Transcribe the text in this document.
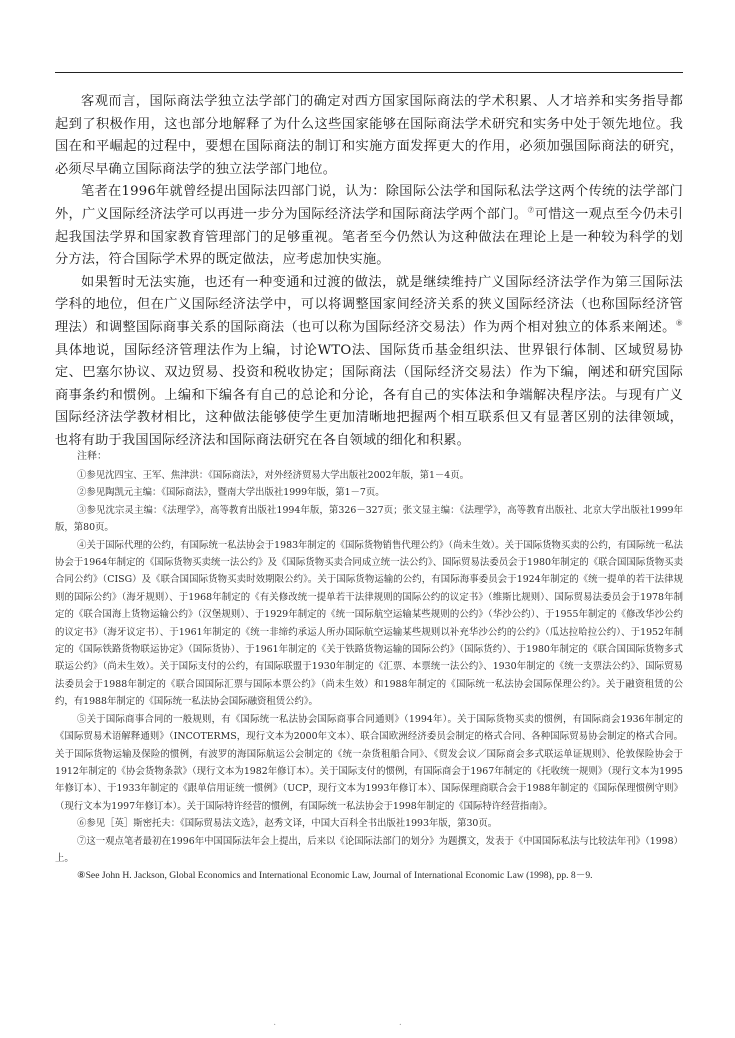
客观而言，国际商法学独立法学部门的确定对西方国家国际商法的学术积累、人才培养和实务指导都起到了积极作用，这也部分地解释了为什么这些国家能够在国际商法学术研究和实务中处于领先地位。我国在和平崛起的过程中，要想在国际商法的制订和实施方面发挥更大的作用，必须加强国际商法的研究，必须尽早确立国际商法学的独立法学部门地位。

笔者在1996年就曾经提出国际法四部门说，认为：除国际公法学和国际私法学这两个传统的法学部门外，广义国际经济法学可以再进一步分为国际经济法学和国际商法学两个部门。⑦可惜这一观点至今仍未引起我国法学界和国家教育管理部门的足够重视。笔者至今仍然认为这种做法在理论上是一种较为科学的划分方法，符合国际学术界的既定做法，应考虑加快实施。

如果暂时无法实施，也还有一种变通和过渡的做法，就是继续维持广义国际经济法学作为第三国际法学科的地位，但在广义国际经济法学中，可以将调整国家间经济关系的狭义国际经济法（也称国际经济管理法）和调整国际商事关系的国际商法（也可以称为国际经济交易法）作为两个相对独立的体系来阐述。⑧具体地说，国际经济管理法作为上编，讨论WTO法、国际货币基金组织法、世界银行体制、区域贸易协定、巴塞尔协议、双边贸易、投资和税收协定；国际商法（国际经济交易法）作为下编，阐述和研究国际商事条约和惯例。上编和下编各有自己的总论和分论，各有自己的实体法和争端解决程序法。与现有广义国际经济法学教材相比，这种做法能够使学生更加清晰地把握两个相互联系但又有显著区别的法律领域，也将有助于我国国际经济法和国际商法研究在各自领域的细化和积累。

注释：

①参见沈四宝、王军、焦津洪：《国际商法》，对外经济贸易大学出版社2002年版，第1－4页。

②参见陶凯元主编：《国际商法》，暨南大学出版社1999年版，第1－7页。

③参见沈宗灵主编：《法理学》，高等教育出版社1994年版，第326－327页；张文显主编：《法理学》，高等教育出版社、北京大学出版社1999年版，第80页。

④关于国际代理的公约，有国际统一私法协会于1983年制定的《国际货物销售代理公约》（尚未生效）。关于国际货物买卖的公约，有国际统一私法协会于1964年制定的《国际货物买卖统一法公约》及《国际货物买卖合同成立统一法公约》、国际贸易法委员会于1980年制定的《联合国国际货物买卖合同公约》（CISG）及《联合国国际货物买卖时效期限公约》。关于国际货物运输的公约，有国际海事委员会于1924年制定的《统一提单的若干法律规则的国际公约》（海牙规则）、于1968年制定的《有关修改统一提单若干法律规则的国际公约的议定书》（维斯比规则）、国际贸易法委员会于1978年制定的《联合国海上货物运输公约》（汉堡规则）、于1929年制定的《统一国际航空运输某些规则的公约》（华沙公约）、于1955年制定的《修改华沙公约的议定书》（海牙议定书）、于1961年制定的《统一非缔约承运人所办国际航空运输某些规则以补充华沙公约的公约》（瓜达拉哈拉公约）、于1952年制定的《国际铁路货物联运协定》（国际货协）、于1961年制定的《关于铁路货物运输的国际公约》（国际货约）、于1980年制定的《联合国国际货物多式联运公约》（尚未生效）。关于国际支付的公约，有国际联盟于1930年制定的《汇票、本票统一法公约》、1930年制定的《统一支票法公约》、国际贸易法委员会于1988年制定的《联合国国际汇票与国际本票公约》（尚未生效）和1988年制定的《国际统一私法协会国际保理公约》。关于融资租赁的公约，有1988年制定的《国际统一私法协会国际融资租赁公约》。

⑤关于国际商事合同的一般规则，有《国际统一私法协会国际商事合同通则》（1994年）。关于国际货物买卖的惯例，有国际商会1936年制定的《国际贸易术语解释通则》（INCOTERMS，现行文本为2000年文本）、联合国欧洲经济委员会制定的格式合同、各种国际贸易协会制定的格式合同。关于国际货物运输及保险的惯例，有波罗的海国际航运公会制定的《统一杂货租船合同》、《贸发会议／国际商会多式联运单证规则》、伦敦保险协会于1912年制定的《协会货物条款》（现行文本为1982年修订本）。关于国际支付的惯例，有国际商会于1967年制定的《托收统一规则》（现行文本为1995年修订本）、于1933年制定的《跟单信用证统一惯例》（UCP，现行文本为1993年修订本）、国际保理商联合会于1988年制定的《国际保理惯例守则》（现行文本为1997年修订本）。关于国际特许经营的惯例，有国际统一私法协会于1998年制定的《国际特许经营指南》。

⑥参见［英］斯密托夫：《国际贸易法文选》，赵秀文译，中国大百科全书出版社1993年版，第30页。

⑦这一观点笔者最初在1996年中国国际法年会上提出，后来以《论国际法部门的划分》为题撰文，发表于《中国国际私法与比较法年刊》（1998）上。

⑧See John H. Jackson, Global Economics and International Economic Law, Journal of International Economic Law (1998), pp. 8－9.

. .
